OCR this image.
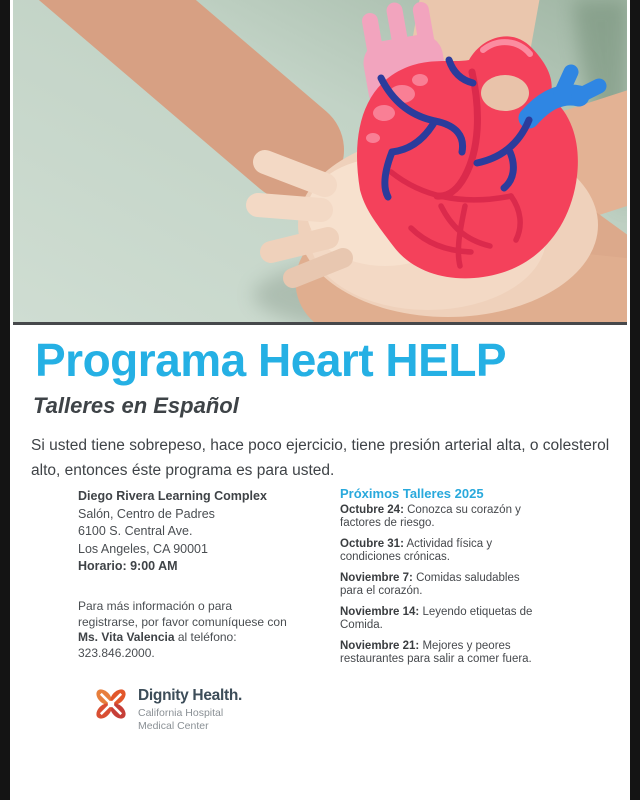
Programa Heart HELP
Talleres en Español
Si usted tiene sobrepeso, hace poco ejercicio, tiene presión arterial alta, o colesterol alto, entonces éste programa es para usted.
Diego Rivera Learning Complex
Salón, Centro de Padres
6100 S. Central Ave.
Los Angeles, CA 90001
Horario: 9:00 AM
Para más información o para registrarse, por favor comuníquese con Ms. Vita Valencia al teléfono: 323.846.2000.
Próximos Talleres 2025
Octubre 24: Conozca su corazón y factores de riesgo.
Octubre 31: Actividad física y condiciones crónicas.
Noviembre 7: Comidas saludables para el corazón.
Noviembre 14: Leyendo etiquetas de Comida.
Noviembre 21: Mejores y peores restaurantes para salir a comer fuera.
Dignity Health.
California Hospital
Medical Center
